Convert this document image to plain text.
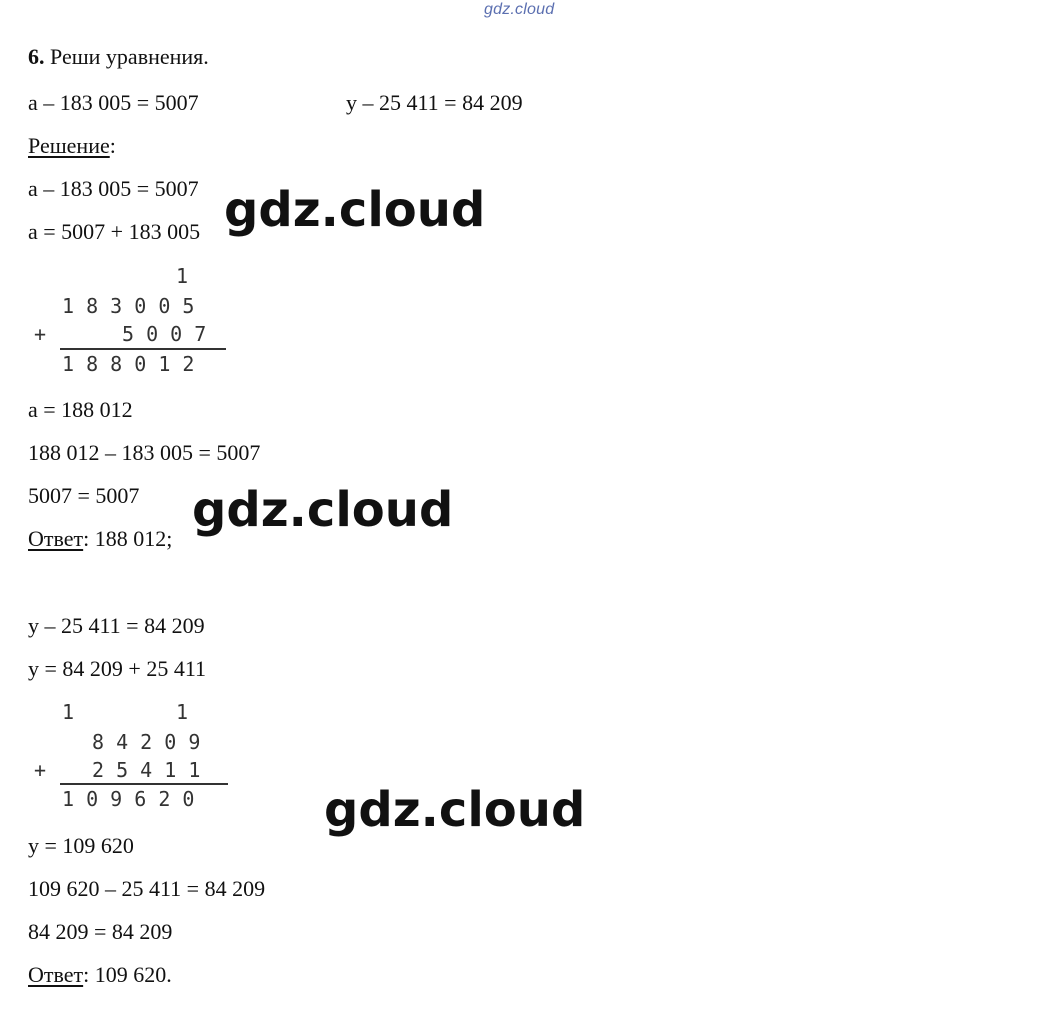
gdz.cloud
6. Реши уравнения.
а – 183 005 = 5007	у – 25 411 = 84 209
Решение:
а – 183 005 = 5007
а = 5007 + 183 005
1
1 8 3 0 0 5
+	5 0 0 7
1 8 8 0 1 2
а = 188 012
188 012 – 183 005 = 5007
5007 = 5007
Ответ: 188 012;
у – 25 411 = 84 209
у = 84 209 + 25 411
1	1
8 4 2 0 9
+ 2 5 4 1 1
1 0 9 6 2 0
у = 109 620
109 620 – 25 411 = 84 209
84 209 = 84 209
Ответ: 109 620.
gdz.cloud
gdz.cloud
gdz.cloud
